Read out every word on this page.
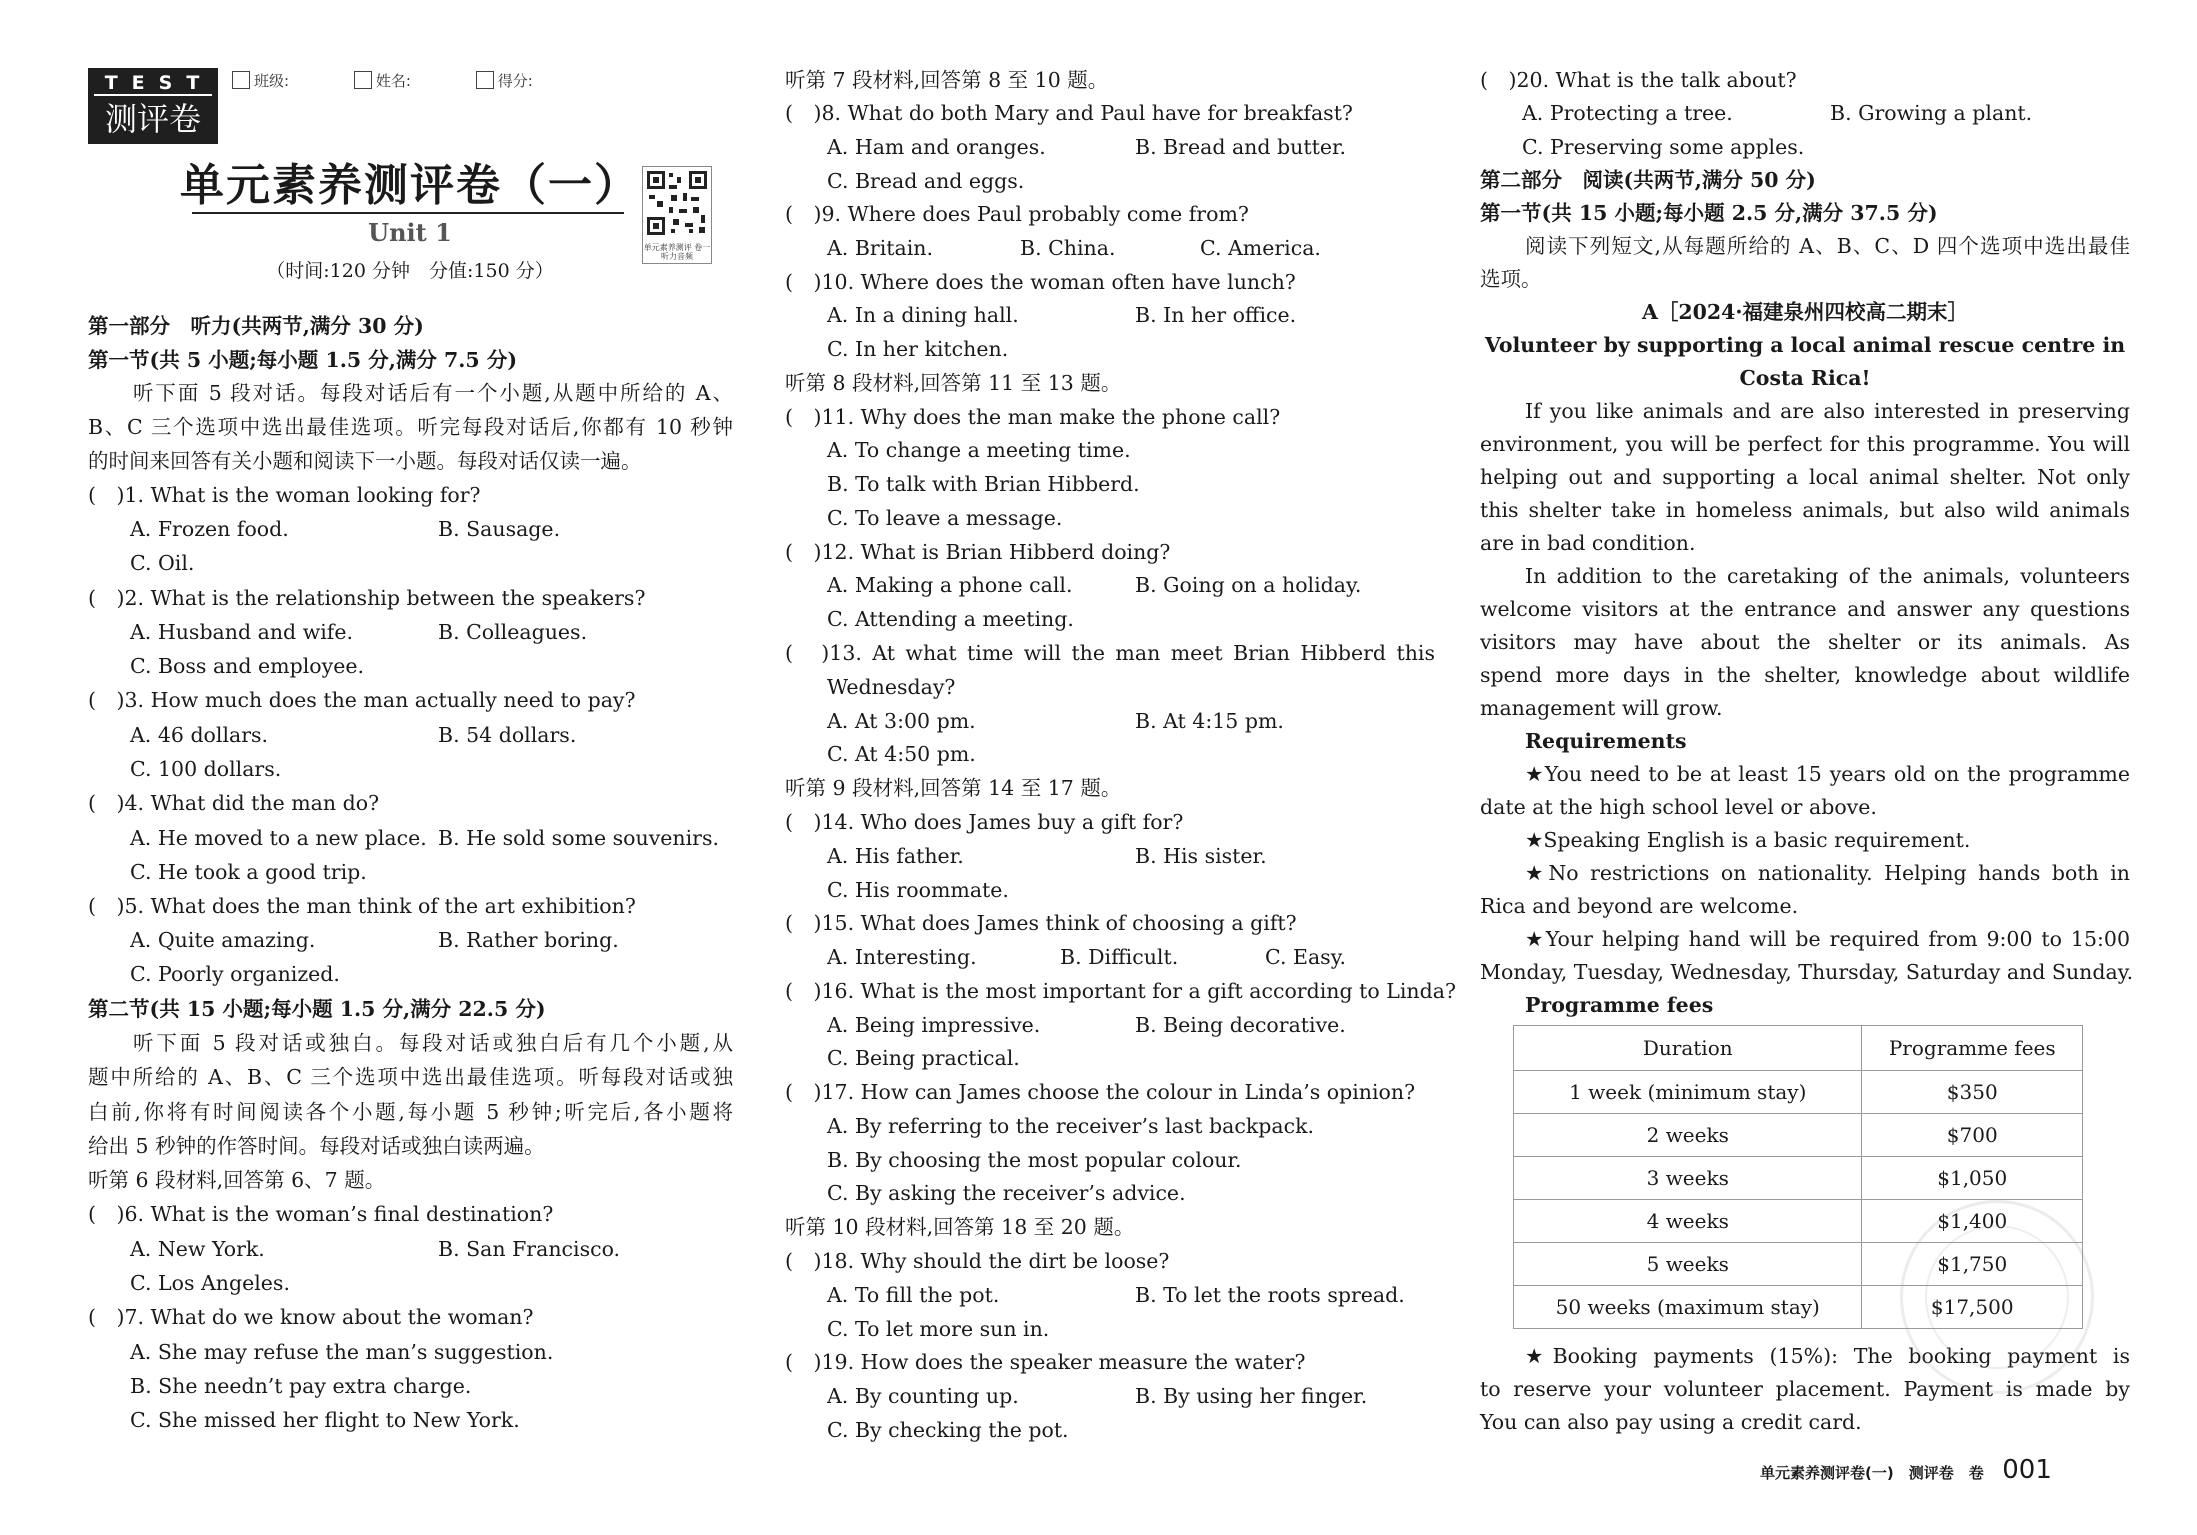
TEST
测评卷
班级:	姓名:	得分:
单元素养测评卷（一）
Unit 1
（时间:120 分钟　分值:150 分）
单元素养测评 卷一听力音频
第一部分　听力(共两节,满分 30 分)
第一节(共 5 小题;每小题 1.5 分,满分 7.5 分)
听下面 5 段对话。每段对话后有一个小题,从题中所给的 A、
B、C 三个选项中选出最佳选项。听完每段对话后,你都有 10 秒钟
的时间来回答有关小题和阅读下一小题。每段对话仅读一遍。
(　)1. What is the woman looking for?
A. Frozen food.	B. Sausage.
C. Oil.
(　)2. What is the relationship between the speakers?
A. Husband and wife.	B. Colleagues.
C. Boss and employee.
(　)3. How much does the man actually need to pay?
A. 46 dollars.	B. 54 dollars.
C. 100 dollars.
(　)4. What did the man do?
A. He moved to a new place. B. He sold some souvenirs.
C. He took a good trip.
(　)5. What does the man think of the art exhibition?
A. Quite amazing.	B. Rather boring.
C. Poorly organized.
第二节(共 15 小题;每小题 1.5 分,满分 22.5 分)
听下面 5 段对话或独白。每段对话或独白后有几个小题,从
题中所给的 A、B、C 三个选项中选出最佳选项。听每段对话或独
白前,你将有时间阅读各个小题,每小题 5 秒钟;听完后,各小题将
给出 5 秒钟的作答时间。每段对话或独白读两遍。
听第 6 段材料,回答第 6、7 题。
(　)6. What is the woman’s final destination?
A. New York.	B. San Francisco.
C. Los Angeles.
(　)7. What do we know about the woman?
A. She may refuse the man’s suggestion.
B. She needn’t pay extra charge.
C. She missed her flight to New York.
听第 7 段材料,回答第 8 至 10 题。
(　)8. What do both Mary and Paul have for breakfast?
A. Ham and oranges.	B. Bread and butter.
C. Bread and eggs.
(　)9. Where does Paul probably come from?
A. Britain.	B. China.	C. America.
(　)10. Where does the woman often have lunch?
A. In a dining hall.	B. In her office.
C. In her kitchen.
听第 8 段材料,回答第 11 至 13 题。
(　)11. Why does the man make the phone call?
A. To change a meeting time.
B. To talk with Brian Hibberd.
C. To leave a message.
(　)12. What is Brian Hibberd doing?
A. Making a phone call.	B. Going on a holiday.
C. Attending a meeting.
(　)13. At what time will the man meet Brian Hibberd this
Wednesday?
A. At 3:00 pm.	B. At 4:15 pm.
C. At 4:50 pm.
听第 9 段材料,回答第 14 至 17 题。
(　)14. Who does James buy a gift for?
A. His father.	B. His sister.
C. His roommate.
(　)15. What does James think of choosing a gift?
A. Interesting.	B. Difficult.	C. Easy.
(　)16. What is the most important for a gift according to Linda?
A. Being impressive.	B. Being decorative.
C. Being practical.
(　)17. How can James choose the colour in Linda’s opinion?
A. By referring to the receiver’s last backpack.
B. By choosing the most popular colour.
C. By asking the receiver’s advice.
听第 10 段材料,回答第 18 至 20 题。
(　)18. Why should the dirt be loose?
A. To fill the pot.	B. To let the roots spread.
C. To let more sun in.
(　)19. How does the speaker measure the water?
A. By counting up.	B. By using her finger.
C. By checking the pot.
(　)20. What is the talk about?
A. Protecting a tree.	B. Growing a plant.
C. Preserving some apples.
第二部分　阅读(共两节,满分 50 分)
第一节(共 15 小题;每小题 2.5 分,满分 37.5 分)
阅读下列短文,从每题所给的 A、B、C、D 四个选项中选出最佳
选项。
A［2024·福建泉州四校高二期末］
Volunteer by supporting a local animal rescue centre in
Costa Rica!
If you like animals and are also interested in preserving
environment, you will be perfect for this programme. You will
helping out and supporting a local animal shelter. Not only
this shelter take in homeless animals, but also wild animals
are in bad condition.
In addition to the caretaking of the animals, volunteers
welcome visitors at the entrance and answer any questions
visitors may have about the shelter or its animals. As
spend more days in the shelter, knowledge about wildlife
management will grow.
Requirements
★You need to be at least 15 years old on the programme
date at the high school level or above.
★Speaking English is a basic requirement.
★No restrictions on nationality. Helping hands both in
Rica and beyond are welcome.
★Your helping hand will be required from 9:00 to 15:00
Monday, Tuesday, Wednesday, Thursday, Saturday and Sunday.
Programme fees
Duration	Programme fees
1 week (minimum stay)	$350
2 weeks	$700
3 weeks	$1,050
4 weeks	$1,400
5 weeks	$1,750
50 weeks (maximum stay)	$17,500
★Booking payments (15%): The booking payment is
to reserve your volunteer placement. Payment is made by
You can also pay using a credit card.
单元素养测评卷(一)　测评卷　卷 001
